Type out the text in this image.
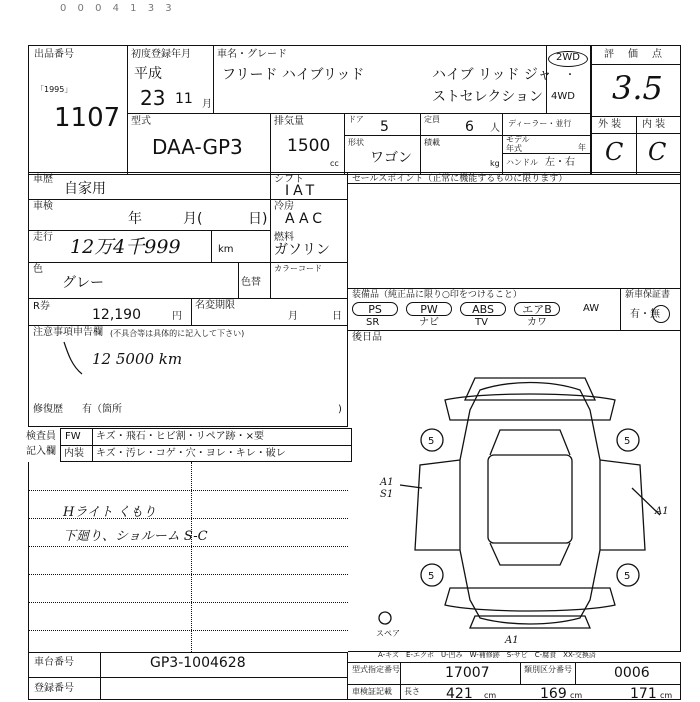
0 0 0 4 1 3 3
出品番号
「1995」
1107
初度登録年月
平成
23 11 月
車名・グレード
フリード ハイブリッド	ハイブ リッド ジャ
ストセレクション
2WD
・
4WD
評　価　点
3.5
外 装 内 装
C C
型式
DAA-GP3
排気量
1500
cc
ドア 5	定員 6 人
形状
ワゴン
積載
kg
ディーラー・並行
モデル
年式	年
ハンドル 左・右
車歴
自家用
車検
年	月(	日)
走行 12万4千999	km
シフト
IAT
冷房
AAC
燃料
ガソリン
色
グレー	色替
カラーコード
R券
12,190	円
名変期限
月	日
注意事項申告欄 (不具合等は具体的に記入して下さい)
12 5000 km
修復歴 有（箇所	)
検査員
記入欄
FW キズ・飛石・ヒビ割・リペア跡・×要
内装 キズ・汚レ・コゲ・穴・ヨレ・キレ・破レ
Hライト くもり
下廻り、ショルーム S-C
セールスポイント（正常に機能するものに限ります）
装備品（純正品に限り○印をつけること）	新車保証書
有・無
PS	PW	ABS	エアB	AW
SR	ナビ	TV	カワ
後日品
5	5
5	5
A1
S1
A1
A1
スペア
A-キズ　E-エクボ　U-凹み　W-補修跡　S-サビ　C-腐食　XX-交換済
車台番号	GP3-1004628
登録番号
型式指定番号	17007	類別区分番号	0006
車検証記載 長さ 421 cm	169 cm	171 cm
